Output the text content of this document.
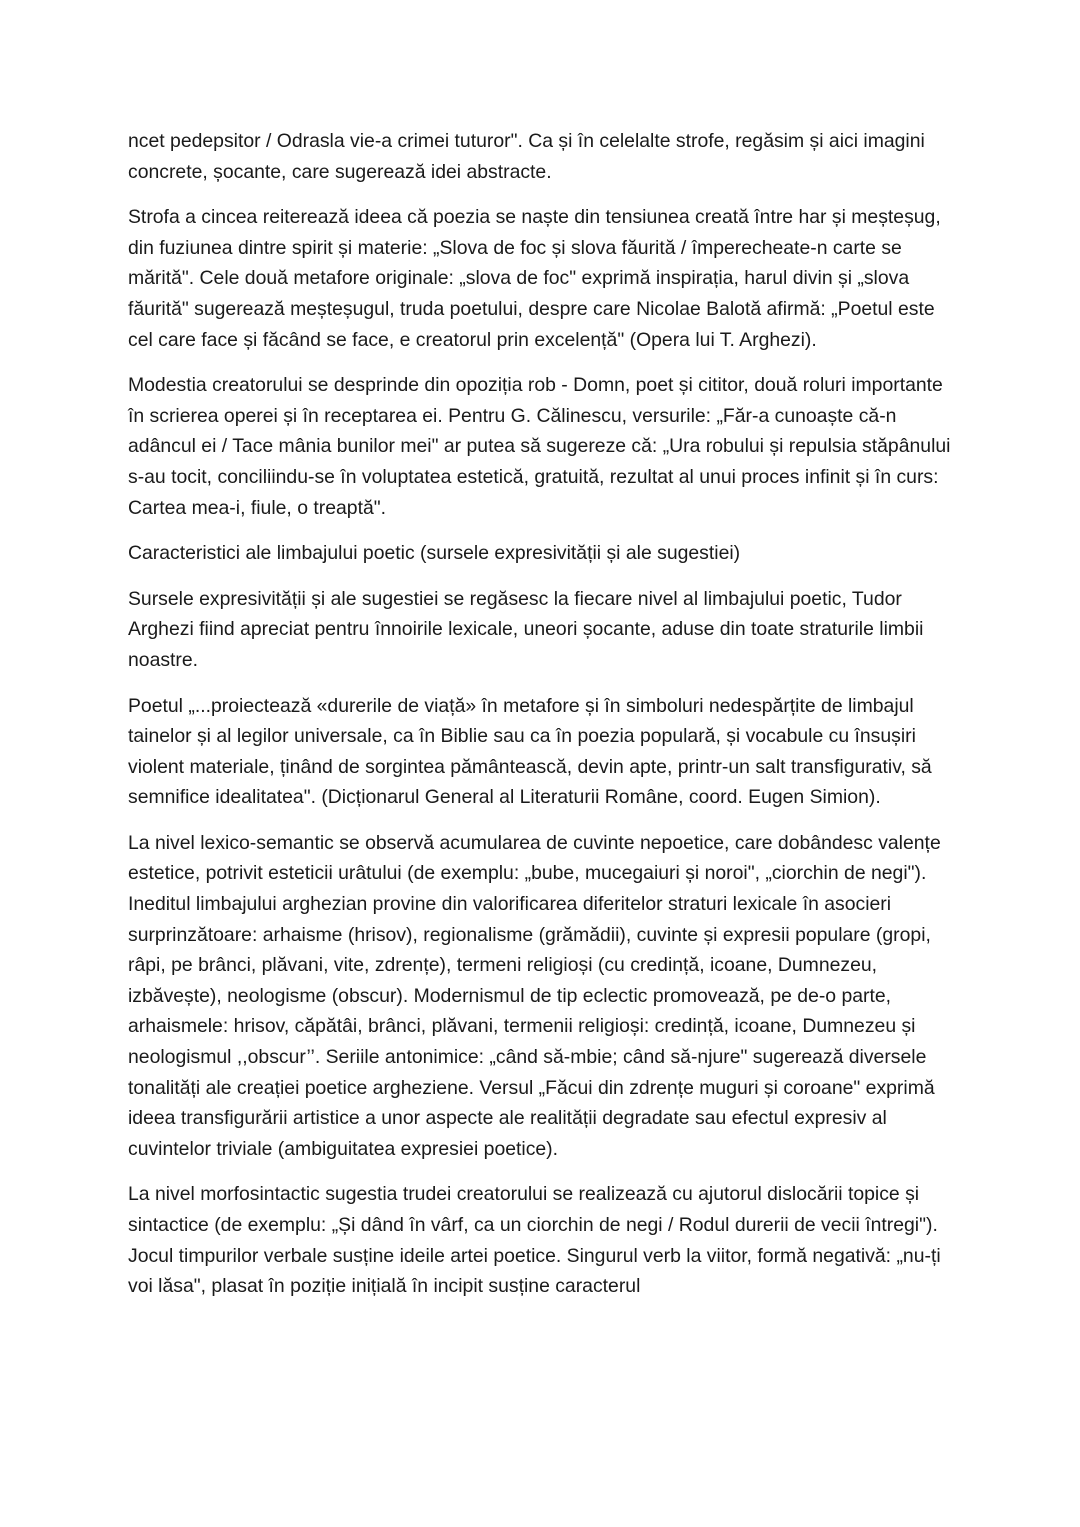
ncet pedepsitor / Odrasla vie-a crimei tuturor". Ca și în celelalte strofe, regăsim și aici imagini concrete, șocante, care sugerează idei abstracte.

Strofa a cincea reiterează ideea că poezia se naște din tensiunea creată între har și meșteșug, din fuziunea dintre spirit și materie: „Slova de foc și slova făurită / împerecheate-n carte se mărită". Cele două metafore originale: „slova de foc" exprimă inspirația, harul divin și „slova făurită" sugerează meșteșugul, truda poetului, despre care Nicolae Balotă afirmă: „Poetul este cel care face și făcând se face, e creatorul prin excelență" (Opera lui T. Arghezi).

Modestia creatorului se desprinde din opoziția rob - Domn, poet și cititor, două roluri importante în scrierea operei și în receptarea ei. Pentru G. Călinescu, versurile: „Făr-a cunoaște că-n adâncul ei / Tace mânia bunilor mei" ar putea să sugereze că: „Ura robului și repulsia stăpânului s-au tocit, conciliindu-se în voluptatea estetică, gratuită, rezultat al unui proces infinit și în curs: Cartea mea-i, fiule, o treaptă".

Caracteristici ale limbajului poetic (sursele expresivității și ale sugestiei)

Sursele expresivității și ale sugestiei se regăsesc la fiecare nivel al limbajului poetic, Tudor Arghezi fiind apreciat pentru înnoirile lexicale, uneori șocante, aduse din toate straturile limbii noastre.

Poetul „...proiectează «durerile de viață» în metafore și în simboluri nedespărțite de limbajul tainelor și al legilor universale, ca în Biblie sau ca în poezia populară, și vocabule cu însușiri violent materiale, ținând de sorgintea pământească, devin apte, printr-un salt transfigurativ, să semnifice idealitatea". (Dicționarul General al Literaturii Române, coord. Eugen Simion).

La nivel lexico-semantic se observă acumularea de cuvinte nepoetice, care dobândesc valențe estetice, potrivit esteticii urâtului (de exemplu: „bube, mucegaiuri și noroi", „ciorchin de negi"). Ineditul limbajului arghezian provine din valorificarea diferitelor straturi lexicale în asocieri surprinzătoare: arhaisme (hrisov), regionalisme (grămădii), cuvinte și expresii populare (gropi, râpi, pe brânci, plăvani, vite, zdrențe), termeni religioși (cu credință, icoane, Dumnezeu, izbăvește), neologisme (obscur). Modernismul de tip eclectic promovează, pe de-o parte, arhaismele: hrisov, căpătâi, brânci, plăvani, termenii religioși: credință, icoane, Dumnezeu și neologismul ,,obscur’’. Seriile antonimice: „când să-mbie; când să-njure" sugerează diversele tonalități ale creației poetice argheziene. Versul „Făcui din zdrențe muguri și coroane" exprimă ideea transfigurării artistice a unor aspecte ale realității degradate sau efectul expresiv al cuvintelor triviale (ambiguitatea expresiei poetice).

La nivel morfosintactic sugestia trudei creatorului se realizează cu ajutorul dislocării topice și sintactice (de exemplu: „Și dând în vârf, ca un ciorchin de negi / Rodul durerii de vecii întregi"). Jocul timpurilor verbale susține ideile artei poetice. Singurul verb la viitor, formă negativă: „nu-ți voi lăsa", plasat în poziție inițială în incipit susține caracterul
